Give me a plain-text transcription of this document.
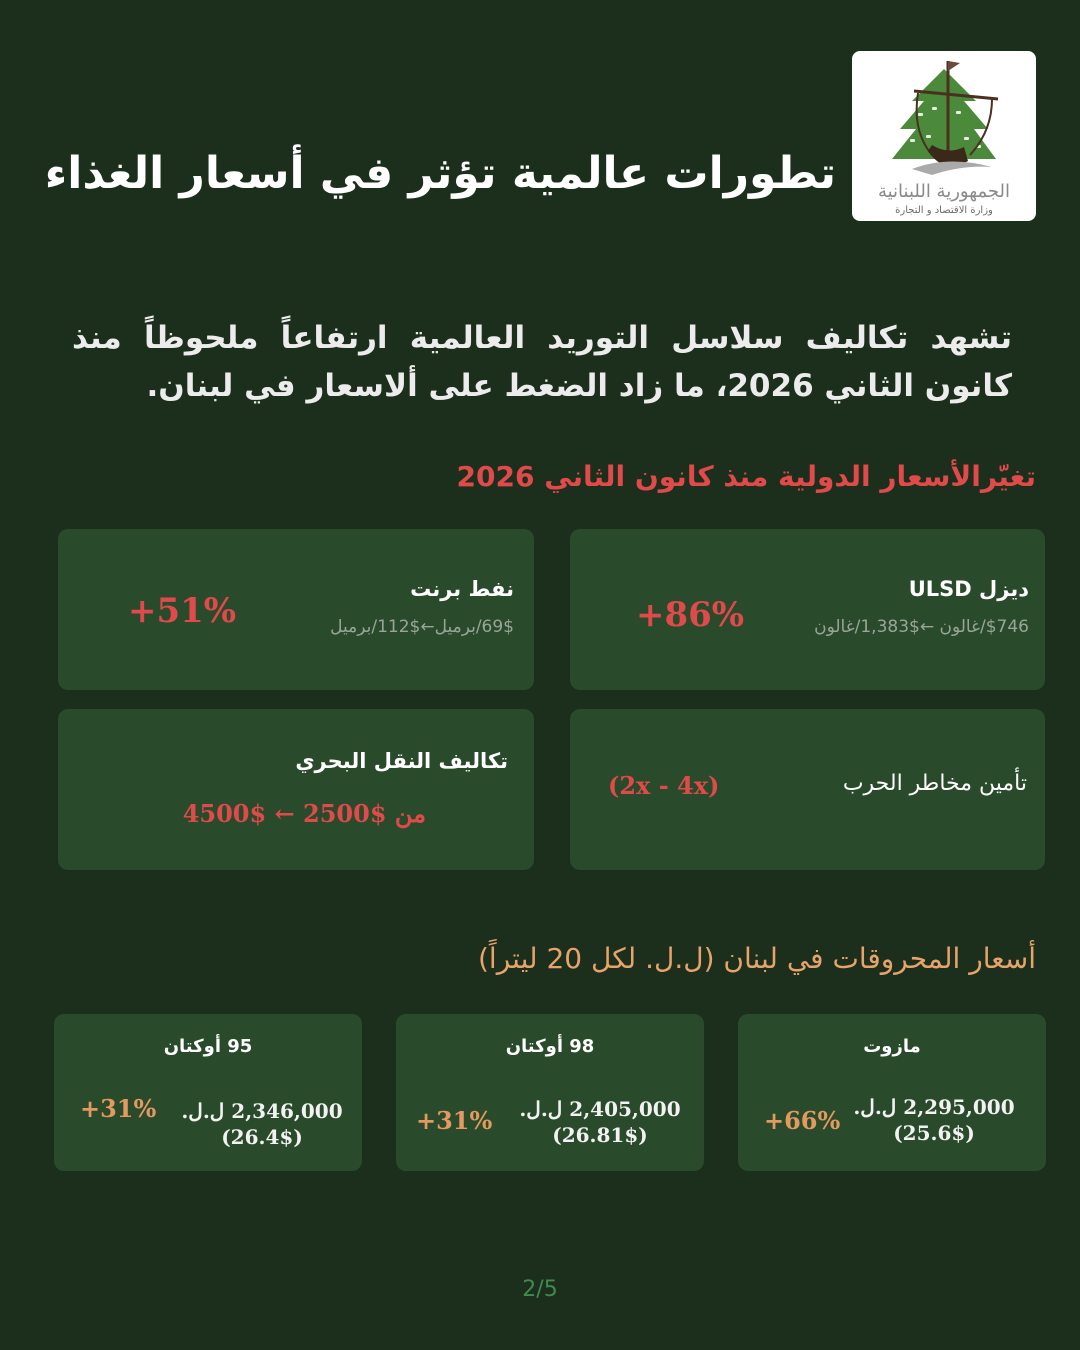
الجمهورية اللبنانية
وزارة الاقتصاد و التجارة
تطورات عالمية تؤثر في أسعار الغذاء

تشهد تكاليف سلاسل التوريد العالمية ارتفاعاً ملحوظاً منذ كانون الثاني 2026، ما زاد الضغط على ألاسعار في لبنان.

تغيّرالأسعار الدولية منذ كانون الثاني 2026
ديزل ULSD
$746/غالون ←$1,383/غالون
+86%
نفط برنت
69$/برميل←$112/برميل
+51%
تأمين مخاطر الحرب
(2x - 4x)
تكاليف النقل البحري
من $2500 ← $4500
أسعار المحروقات في لبنان (ل.ل. لكل 20 ليتراً)
مازوت
2,295,000 ل.ل.
(25.6$)
+66%
98 أوكتان
2,405,000 ل.ل.
(26.81$)
+31%
95 أوكتان
2,346,000 ل.ل.
(26.4$)
+31%
2/5
